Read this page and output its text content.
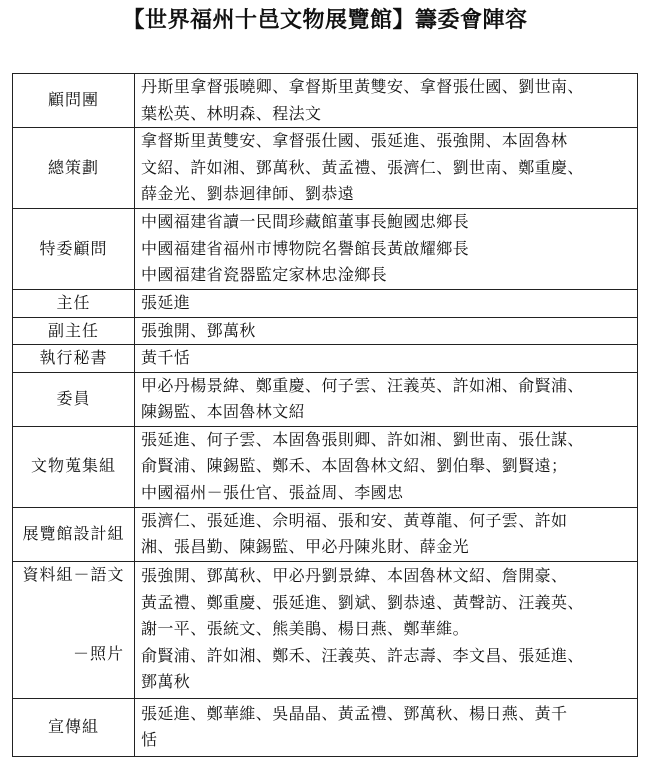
【世界福州十邑文物展覽館】籌委會陣容
顧問團	丹斯里拿督張曉卿、拿督斯里黃雙安、拿督張仕國、劉世南、
葉松英、林明森、程法文

總策劃	拿督斯里黃雙安、拿督張仕國、張延進、張強開、本固魯林
文紹、許如湘、鄧萬秋、黃孟禮、張濟仁、劉世南、鄭重慶、
薛金光、劉恭迴律師、劉恭遠

特委顧問	中國福建省讀一民間珍藏館董事長鮑國忠鄉長
中國福建省福州市博物院名譽館長黃啟耀鄉長
中國福建省瓷器監定家林忠淦鄉長

主任	張延進

副主任	張強開、鄧萬秋

執行秘書	黃千恬

委員	甲必丹楊景緯、鄭重慶、何子雲、汪義英、許如湘、俞賢浦、
陳錫監、本固魯林文紹

文物蒐集組	張延進、何子雲、本固魯張則卿、許如湘、劉世南、張仕謀、
俞賢浦、陳錫監、鄭禾、本固魯林文紹、劉伯舉、劉賢遠；
中國福州－張仕官、張益周、李國忠

展覽館設計組	張濟仁、張延進、佘明福、張和安、黃尊龍、何子雲、許如
湘、張昌勤、陳錫監、甲必丹陳兆財、薛金光

資料組－語文
－照片	張強開、鄧萬秋、甲必丹劉景緯、本固魯林文紹、詹開豪、
黃孟禮、鄭重慶、張延進、劉斌、劉恭遠、黃聲訪、汪義英、
謝一平、張統文、熊美鵑、楊日燕、鄭華維。
俞賢浦、許如湘、鄭禾、汪義英、許志壽、李文昌、張延進、
鄧萬秋

宣傳組	張延進、鄭華維、吳晶晶、黃孟禮、鄧萬秋、楊日燕、黃千
恬
